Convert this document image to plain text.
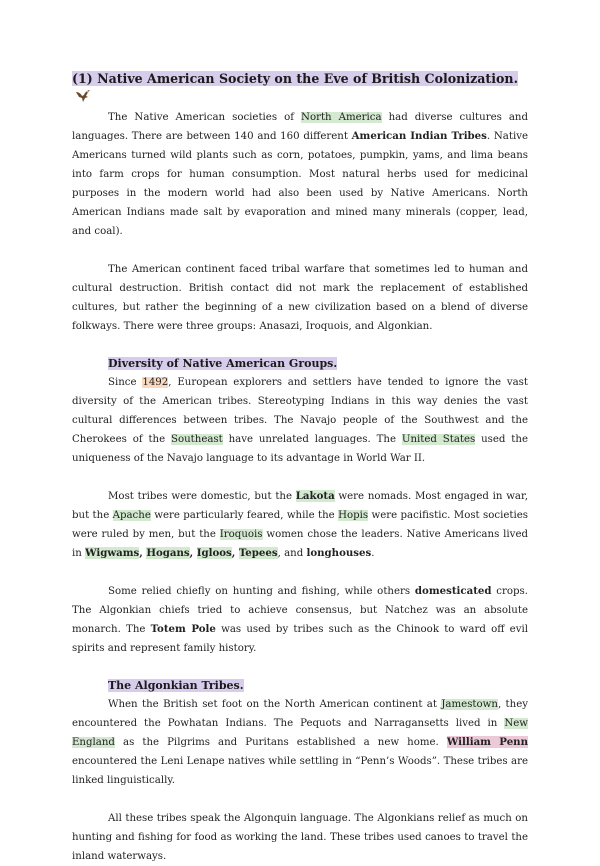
(1) Native American Society on the Eve of British Colonization.

The Native American societies of North America had diverse cultures and languages. There are between 140 and 160 different American Indian Tribes. Native Americans turned wild plants such as corn, potatoes, pumpkin, yams, and lima beans into farm crops for human consumption. Most natural herbs used for medicinal purposes in the modern world had also been used by Native Americans. North American Indians made salt by evaporation and mined many minerals (copper, lead, and coal).

The American continent faced tribal warfare that sometimes led to human and cultural destruction. British contact did not mark the replacement of established cultures, but rather the beginning of a new civilization based on a blend of diverse folkways. There were three groups: Anasazi, Iroquois, and Algonkian.

Diversity of Native American Groups.

Since 1492, European explorers and settlers have tended to ignore the vast diversity of the American tribes. Stereotyping Indians in this way denies the vast cultural differences between tribes. The Navajo people of the Southwest and the Cherokees of the Southeast have unrelated languages. The United States used the uniqueness of the Navajo language to its advantage in World War II.

Most tribes were domestic, but the Lakota were nomads. Most engaged in war, but the Apache were particularly feared, while the Hopis were pacifistic. Most societies were ruled by men, but the Iroquois women chose the leaders. Native Americans lived in Wigwams, Hogans, Igloos, Tepees, and longhouses.

Some relied chiefly on hunting and fishing, while others domesticated crops. The Algonkian chiefs tried to achieve consensus, but Natchez was an absolute monarch. The Totem Pole was used by tribes such as the Chinook to ward off evil spirits and represent family history.

The Algonkian Tribes.

When the British set foot on the North American continent at Jamestown, they encountered the Powhatan Indians. The Pequots and Narragansetts lived in New England as the Pilgrims and Puritans established a new home. William Penn encountered the Leni Lenape natives while settling in “Penn’s Woods”. These tribes are linked linguistically.

All these tribes speak the Algonquin language. The Algonkians relief as much on hunting and fishing for food as working the land. These tribes used canoes to travel the inland waterways.
